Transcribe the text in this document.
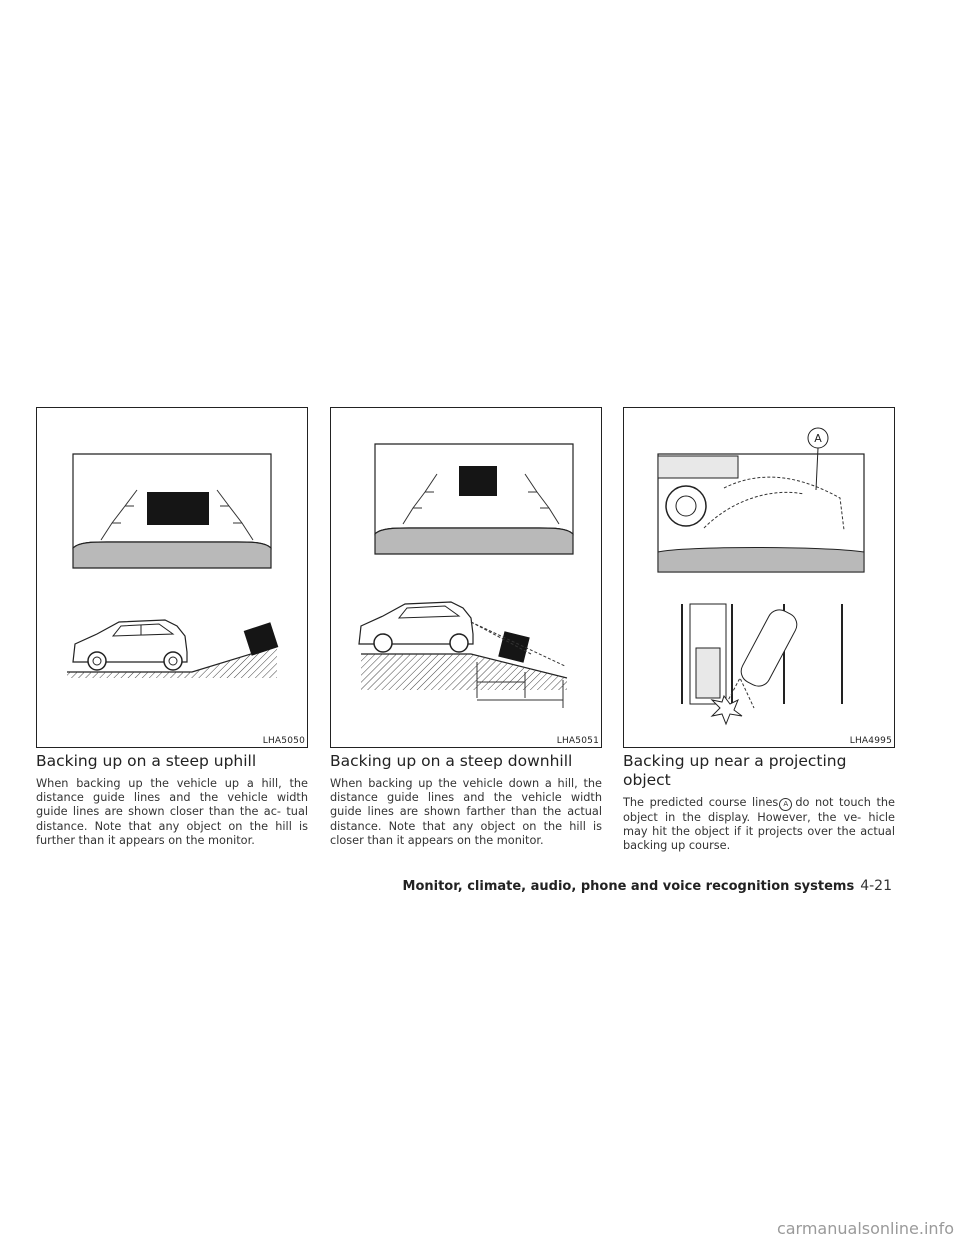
LHA5050	LHA5051
A
LHA4995
Backing up on a steep uphill

When backing up the vehicle up a hill, the distance guide lines and the vehicle width guide lines are shown closer than the ac- tual distance. Note that any object on the hill is further than it appears on the monitor.

Backing up on a steep downhill

When backing up the vehicle down a hill, the distance guide lines and the vehicle width guide lines are shown farther than the actual distance. Note that any object on the hill is closer than it appears on the monitor.

Backing up near a projecting object

The predicted course lines A do not touch the object in the display. However, the ve- hicle may hit the object if it projects over the actual backing up course.

Monitor, climate, audio, phone and voice recognition systems 4-21
carmanualsonline.info
